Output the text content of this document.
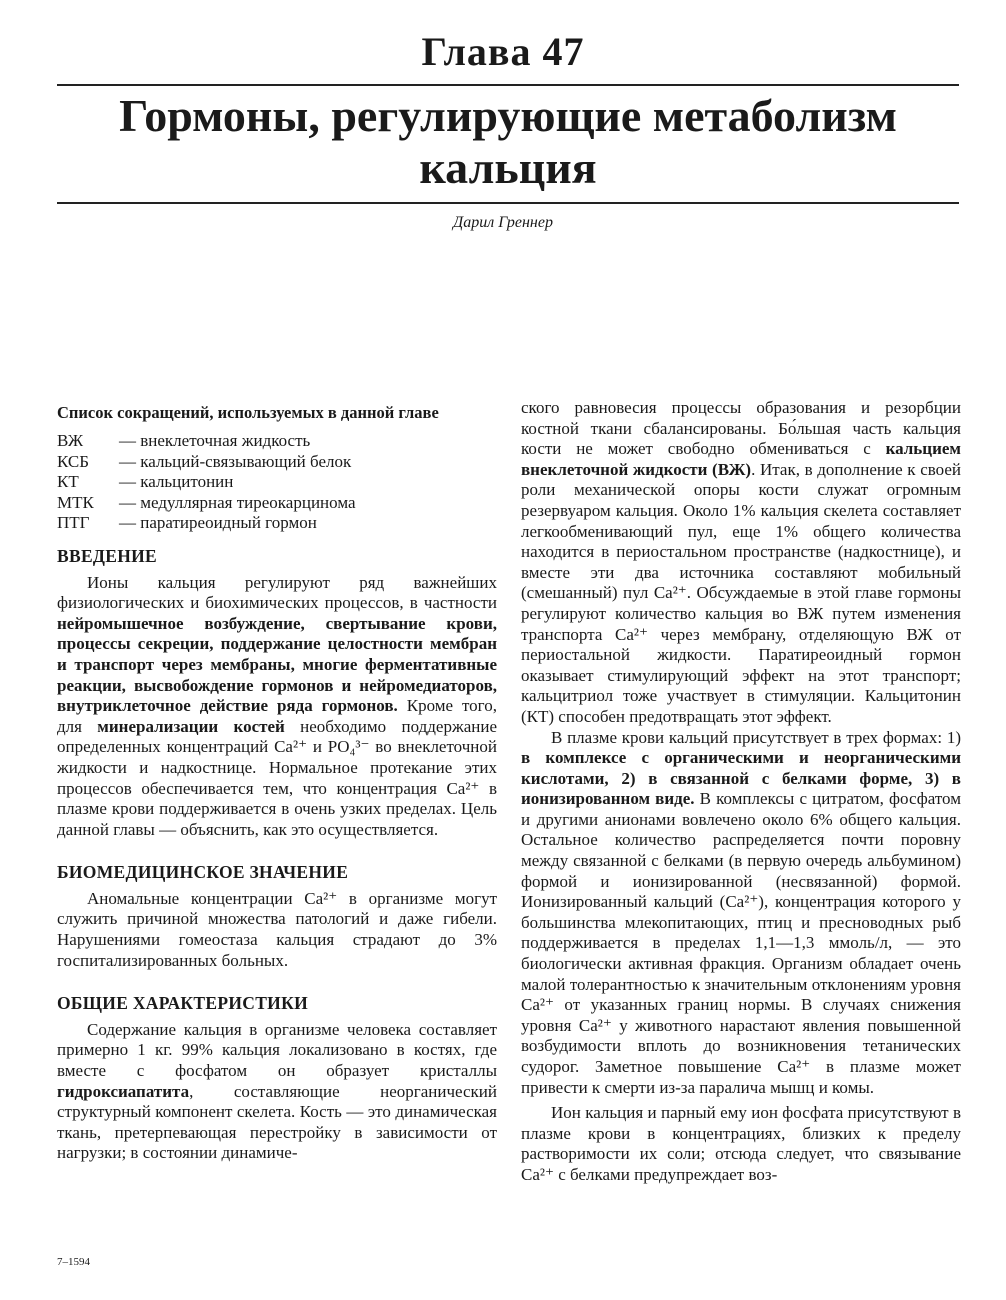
Глава 47
Гормоны, регулирующие метаболизм кальция
Дарил Греннер
Список сокращений, используемых в данной главе
ВЖ	— внеклеточная жидкость
КСБ	— кальций-связывающий белок
КТ	— кальцитонин
МТК	— медуллярная тиреокарцинома
ПТГ	— паратиреоидный гормон
ВВЕДЕНИЕ

Ионы кальция регулируют ряд важнейших физиологических и биохимических процессов, в частности нейромышечное возбуждение, свертывание крови, процессы секреции, поддержание целостности мембран и транспорт через мембраны, многие ферментативные реакции, высвобождение гормонов и нейромедиаторов, внутриклеточное действие ряда гормонов. Кроме того, для минерализации костей необходимо поддержание определенных концентраций Ca²⁺ и PO₄³⁻ во внеклеточной жидкости и надкостнице. Нормальное протекание этих процессов обеспечивается тем, что концентрация Ca²⁺ в плазме крови поддерживается в очень узких пределах. Цель данной главы — объяснить, как это осуществляется.

БИОМЕДИЦИНСКОЕ ЗНАЧЕНИЕ

Аномальные концентрации Ca²⁺ в организме могут служить причиной множества патологий и даже гибели. Нарушениями гомеостаза кальция страдают до 3% госпитализированных больных.

ОБЩИЕ ХАРАКТЕРИСТИКИ

Содержание кальция в организме человека составляет примерно 1 кг. 99% кальция локализовано в костях, где вместе с фосфатом он образует кристаллы гидроксиапатита, составляющие неорганический структурный компонент скелета. Кость — это динамическая ткань, претерпевающая перестройку в зависимости от нагрузки; в состоянии динамиче-

ского равновесия процессы образования и резорбции костной ткани сбалансированы. Бо́льшая часть кальция кости не может свободно обмениваться с кальцием внеклеточной жидкости (ВЖ). Итак, в дополнение к своей роли механической опоры кости служат огромным резервуаром кальция. Около 1% кальция скелета составляет легкообменивающий пул, еще 1% общего количества находится в периостальном пространстве (надкостнице), и вместе эти два источника составляют мобильный (смешанный) пул Ca²⁺. Обсуждаемые в этой главе гормоны регулируют количество кальция во ВЖ путем изменения транспорта Ca²⁺ через мембрану, отделяющую ВЖ от периостальной жидкости. Паратиреоидный гормон оказывает стимулирующий эффект на этот транспорт; кальцитриол тоже участвует в стимуляции. Кальцитонин (КТ) способен предотвращать этот эффект.

В плазме крови кальций присутствует в трех формах: 1) в комплексе с органическими и неорганическими кислотами, 2) в связанной с белками форме, 3) в ионизированном виде. В комплексы с цитратом, фосфатом и другими анионами вовлечено около 6% общего кальция. Остальное количество распределяется почти поровну между связанной с белками (в первую очередь альбумином) формой и ионизированной (несвязанной) формой. Ионизированный кальций (Ca²⁺), концентрация которого у большинства млекопитающих, птиц и пресноводных рыб поддерживается в пределах 1,1—1,3 ммоль/л, — это биологически активная фракция. Организм обладает очень малой толерантностью к значительным отклонениям уровня Ca²⁺ от указанных границ нормы. В случаях снижения уровня Ca²⁺ у животного нарастают явления повышенной возбудимости вплоть до возникновения тетанических судорог. Заметное повышение Ca²⁺ в плазме может привести к смерти из-за паралича мышц и комы.

Ион кальция и парный ему ион фосфата присутствуют в плазме крови в концентрациях, близких к пределу растворимости их соли; отсюда следует, что связывание Ca²⁺ с белками предупреждает воз-

7–1594
